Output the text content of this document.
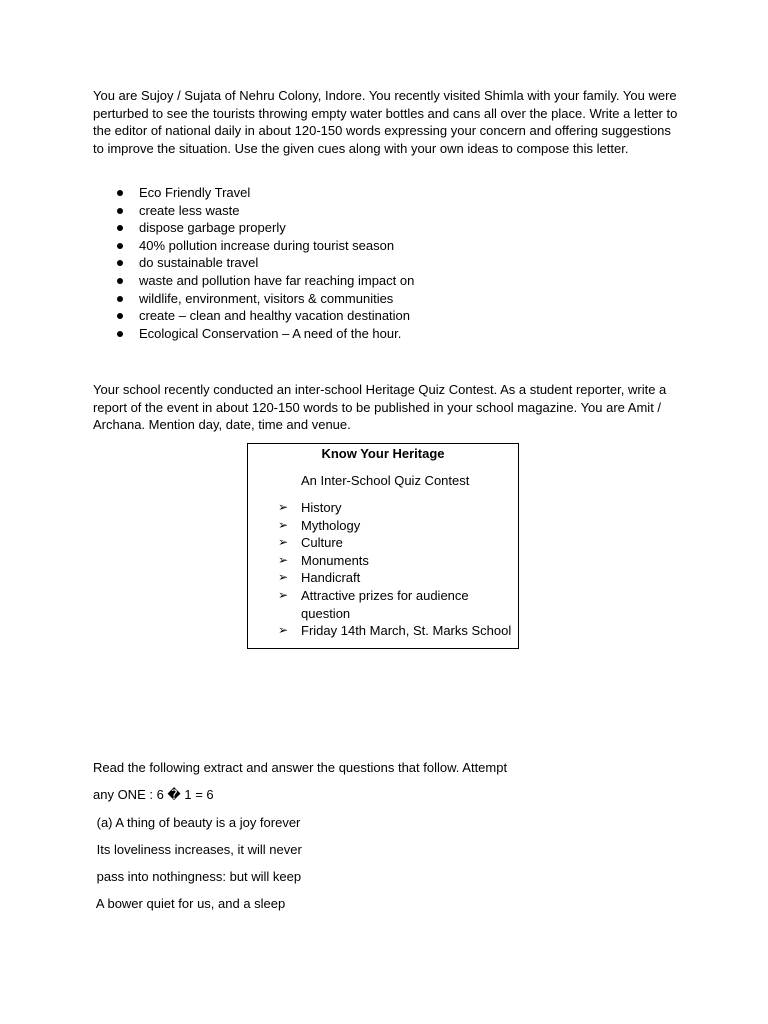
You are Sujoy / Sujata of Nehru Colony, Indore. You recently visited Shimla with your family. You were perturbed to see the tourists throwing empty water bottles and cans all over the place. Write a letter to the editor of national daily in about 120-150 words expressing your concern and offering suggestions to improve the situation. Use the given cues along with your own ideas to compose this letter.

Eco Friendly Travel
create less waste
dispose garbage properly
40% pollution increase during tourist season
do sustainable travel
waste and pollution have far reaching impact on
wildlife, environment, visitors & communities
create – clean and healthy vacation destination
Ecological Conservation – A need of the hour.

Your school recently conducted an inter-school Heritage Quiz Contest. As a student reporter, write a report of the event in about 120-150 words to be published in your school magazine. You are Amit / Archana. Mention day, date, time and venue.

Know Your Heritage
An Inter-School Quiz Contest
➢ History
➢ Mythology
➢ Culture
➢ Monuments
➢ Handicraft
➢ Attractive prizes for audience question
➢ Friday 14th March, St. Marks School

Read the following extract and answer the questions that follow. Attempt

any ONE : 6 � 1 = 6

(a) A thing of beauty is a joy forever

Its loveliness increases, it will never

pass into nothingness: but will keep

A bower quiet for us, and a sleep
